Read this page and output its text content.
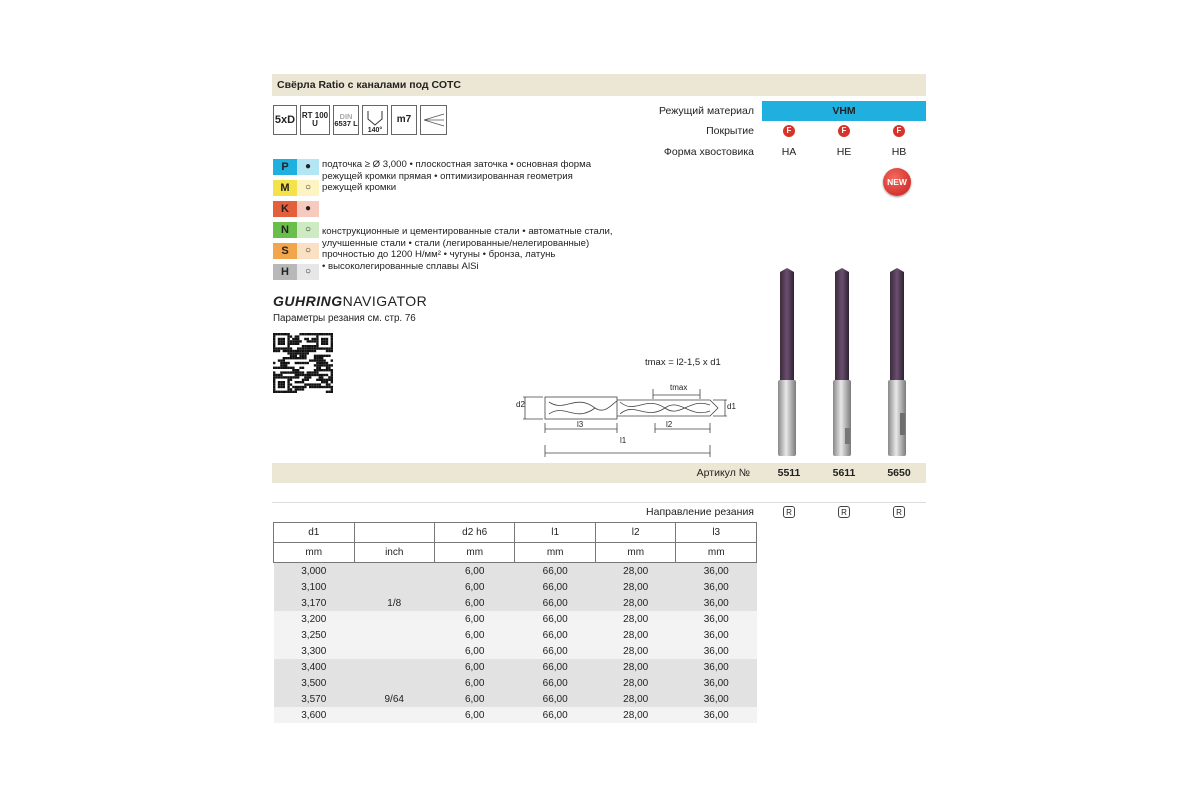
Свёрла Ratio с каналами под СОТС
5xD RT 100
U
DIN
6537 L
140°
m7
Режущий материал	VHM
Покрытие	F	F	F
Форма хвостовика	HA	HE	HB
NEW
P	●
M	○
K	●
N	○
S	○
H	○
подточка ≥ Ø 3,000 • плоскостная заточка • основная форма
режущей кромки прямая • оптимизированная геометрия
режущей кромки
конструкционные и цементированные стали • автоматные стали,
улучшенные стали • стали (легированные/нелегированные)
прочностью до 1200 Н/мм² • чугуны • бронза, латунь
• высоколегированные сплавы AlSi
GUHRINGNAVIGATOR
Параметры резания см. стр. 76
tmax = l2-1,5 x d1
d2	d1
tmax
l3	l2
l1
Артикул №	5511	5611	5650
Направление резания	R	R	R
d1		d2 h6	l1	l2	l3
mm	inch	mm	mm	mm	mm
3,000		6,00	66,00	28,00	36,00
3,100		6,00	66,00	28,00	36,00
3,170	1/8	6,00	66,00	28,00	36,00
3,200		6,00	66,00	28,00	36,00
3,250		6,00	66,00	28,00	36,00
3,300		6,00	66,00	28,00	36,00
3,400		6,00	66,00	28,00	36,00
3,500		6,00	66,00	28,00	36,00
3,570	9/64	6,00	66,00	28,00	36,00
3,600		6,00	66,00	28,00	36,00
